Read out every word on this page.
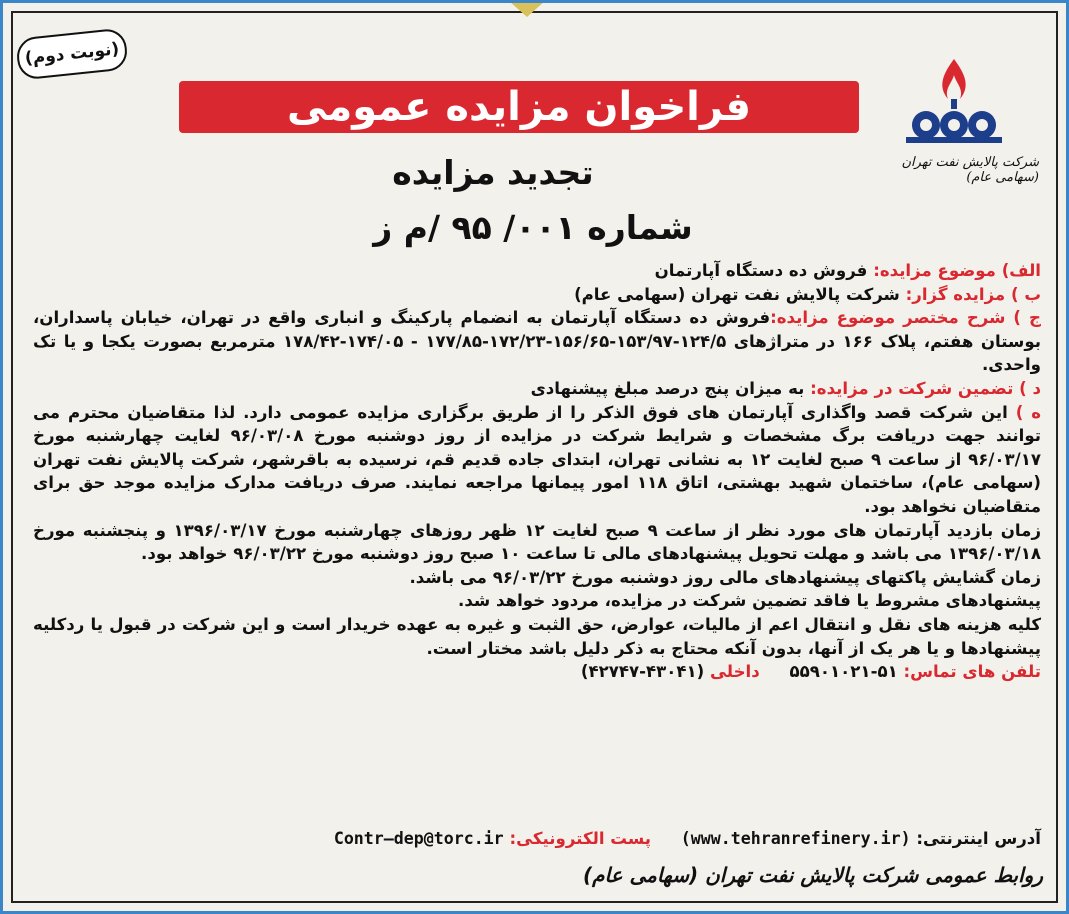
(نوبت دوم)
فراخوان مزایده عمومی
شرکت پالایش نفت تهران (سهامی عام)
تجدید مزایده
شماره ۰۰۱/ ۹۵ /م ز

الف) موضوع مزایده: فروش ده دستگاه آپارتمان

ب ) مزایده گزار: شرکت پالایش نفت تهران (سهامی عام)

ج ) شرح مختصر موضوع مزایده:فروش ده دستگاه آپارتمان به انضمام پارکینگ و انباری واقع در تهران، خیابان پاسداران، بوستان هفتم، پلاک ۱۶۶ در متراژهای ۱۲۴/۵-۱۵۳/۹۷-۱۵۶/۶۵-۱۷۲/۲۳-۱۷۷/۸۵ - ۱۷۴/۰۵-۱۷۸/۴۲ مترمربع بصورت یکجا و یا تک واحدی.

د ) تضمین شرکت در مزایده: به میزان پنج درصد مبلغ پیشنهادی

ه ) این شرکت قصد واگذاری آپارتمان های فوق الذکر را از طریق برگزاری مزایده عمومی دارد. لذا متقاضیان محترم می توانند جهت دریافت برگ مشخصات و شرایط شرکت در مزایده از روز دوشنبه مورخ ۹۶/۰۳/۰۸ لغایت چهارشنبه مورخ ۹۶/۰۳/۱۷ از ساعت ۹ صبح لغایت ۱۲ به نشانی تهران، ابتدای جاده قدیم قم، نرسیده به باقرشهر، شرکت پالایش نفت تهران (سهامی عام)، ساختمان شهید بهشتی، اتاق ۱۱۸ امور پیمانها مراجعه نمایند. صرف دریافت مدارک مزایده موجد حق برای متقاضیان نخواهد بود.

زمان بازدید آپارتمان های مورد نظر از ساعت ۹ صبح لغایت ۱۲ ظهر روزهای چهارشنبه مورخ ۱۳۹۶/۰۳/۱۷ و پنجشنبه مورخ ۱۳۹۶/۰۳/۱۸ می باشد و مهلت تحویل پیشنهادهای مالی تا ساعت ۱۰ صبح روز دوشنبه مورخ ۹۶/۰۳/۲۲ خواهد بود.

زمان گشایش پاکتهای پیشنهادهای مالی روز دوشنبه مورخ ۹۶/۰۳/۲۲ می باشد.

پیشنهادهای مشروط یا فاقد تضمین شرکت در مزایده، مردود خواهد شد.

کلیه هزینه های نقل و انتقال اعم از مالیات، عوارض، حق الثبت و غیره به عهده خریدار است و این شرکت در قبول یا ردکلیه پیشنهادها و یا هر یک از آنها، بدون آنکه محتاج به ذکر دلیل باشد مختار است.

تلفن های تماس: ۵۱-۵۵۹۰۱۰۲۱ داخلی (۴۳۰۴۱-۴۲۷۴۷)

آدرس اینترنتی: (www.tehranrefinery.ir) پست الکترونیکی: Contr–dep@torc.ir
روابط عمومی شرکت پالایش نفت تهران (سهامی عام)
